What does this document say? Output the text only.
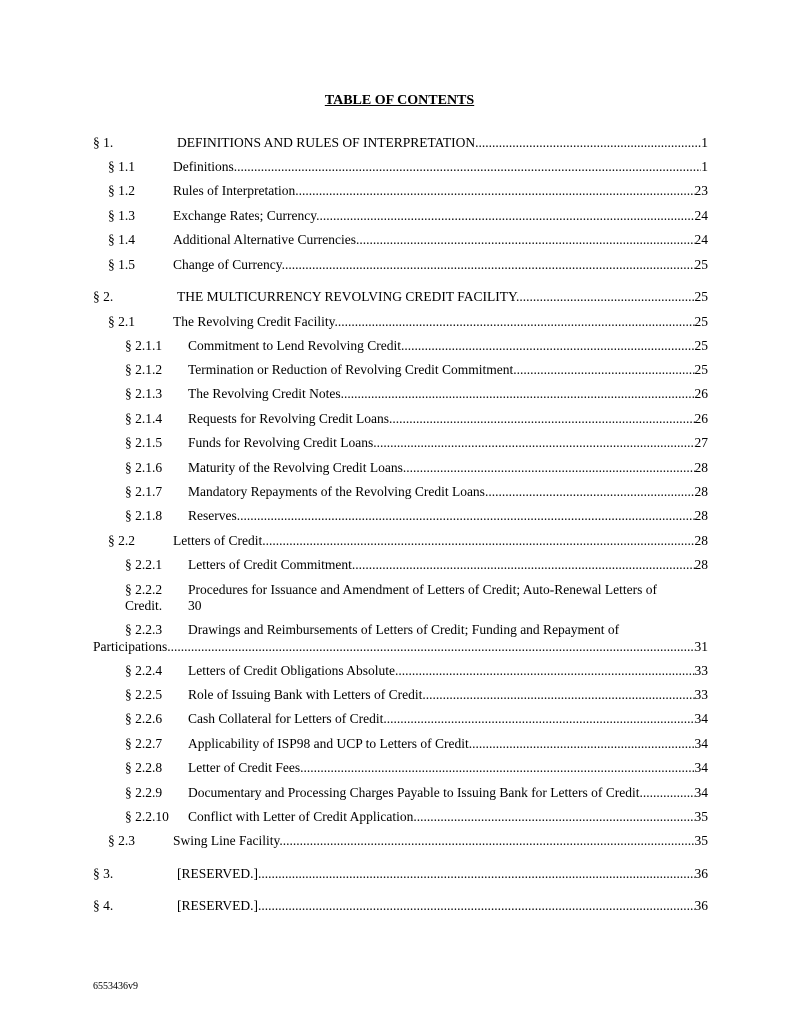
TABLE OF CONTENTS
§ 1.	DEFINITIONS AND RULES OF INTERPRETATION .....	1
§ 1.1	Definitions. .....	1
§ 1.2	Rules of Interpretation. .....	23
§ 1.3	Exchange Rates; Currency. .....	24
§ 1.4	Additional Alternative Currencies. .....	24
§ 1.5	Change of Currency. .....	25
§ 2.	THE MULTICURRENCY REVOLVING CREDIT FACILITY. .....	25
§ 2.1	The Revolving Credit Facility. .....	25
§ 2.1.1 Commitment to Lend Revolving Credit. .....	25
§ 2.1.2 Termination or Reduction of Revolving Credit Commitment. .....	25
§ 2.1.3 The Revolving Credit Notes. .....	26
§ 2.1.4 Requests for Revolving Credit Loans. .....	26
§ 2.1.5 Funds for Revolving Credit Loans. .....	27
§ 2.1.6 Maturity of the Revolving Credit Loans. .....	28
§ 2.1.7 Mandatory Repayments of the Revolving Credit Loans. .....	28
§ 2.1.8 Reserves. .....	28
§ 2.2	Letters of Credit. .....	28
§ 2.2.1 Letters of Credit Commitment. .....	28
§ 2.2.2 Procedures for Issuance and Amendment of Letters of Credit; Auto-Renewal Letters of
Credit. 30
§ 2.2.3 Drawings and Reimbursements of Letters of Credit; Funding and Repayment of
Participations. .....	31
§ 2.2.4 Letters of Credit Obligations Absolute. .....	33
§ 2.2.5 Role of Issuing Bank with Letters of Credit. .....	33
§ 2.2.6 Cash Collateral for Letters of Credit. .....	34
§ 2.2.7 Applicability of ISP98 and UCP to Letters of Credit. .....	34
§ 2.2.8 Letter of Credit Fees. .....	34
§ 2.2.9 Documentary and Processing Charges Payable to Issuing Bank for Letters of Credit. .....	34
§ 2.2.10 Conflict with Letter of Credit Application. .....	35
§ 2.3	Swing Line Facility. .....	35
§ 3.	[RESERVED.] .....	36
§ 4.	[RESERVED.] .....	36
6553436v9
